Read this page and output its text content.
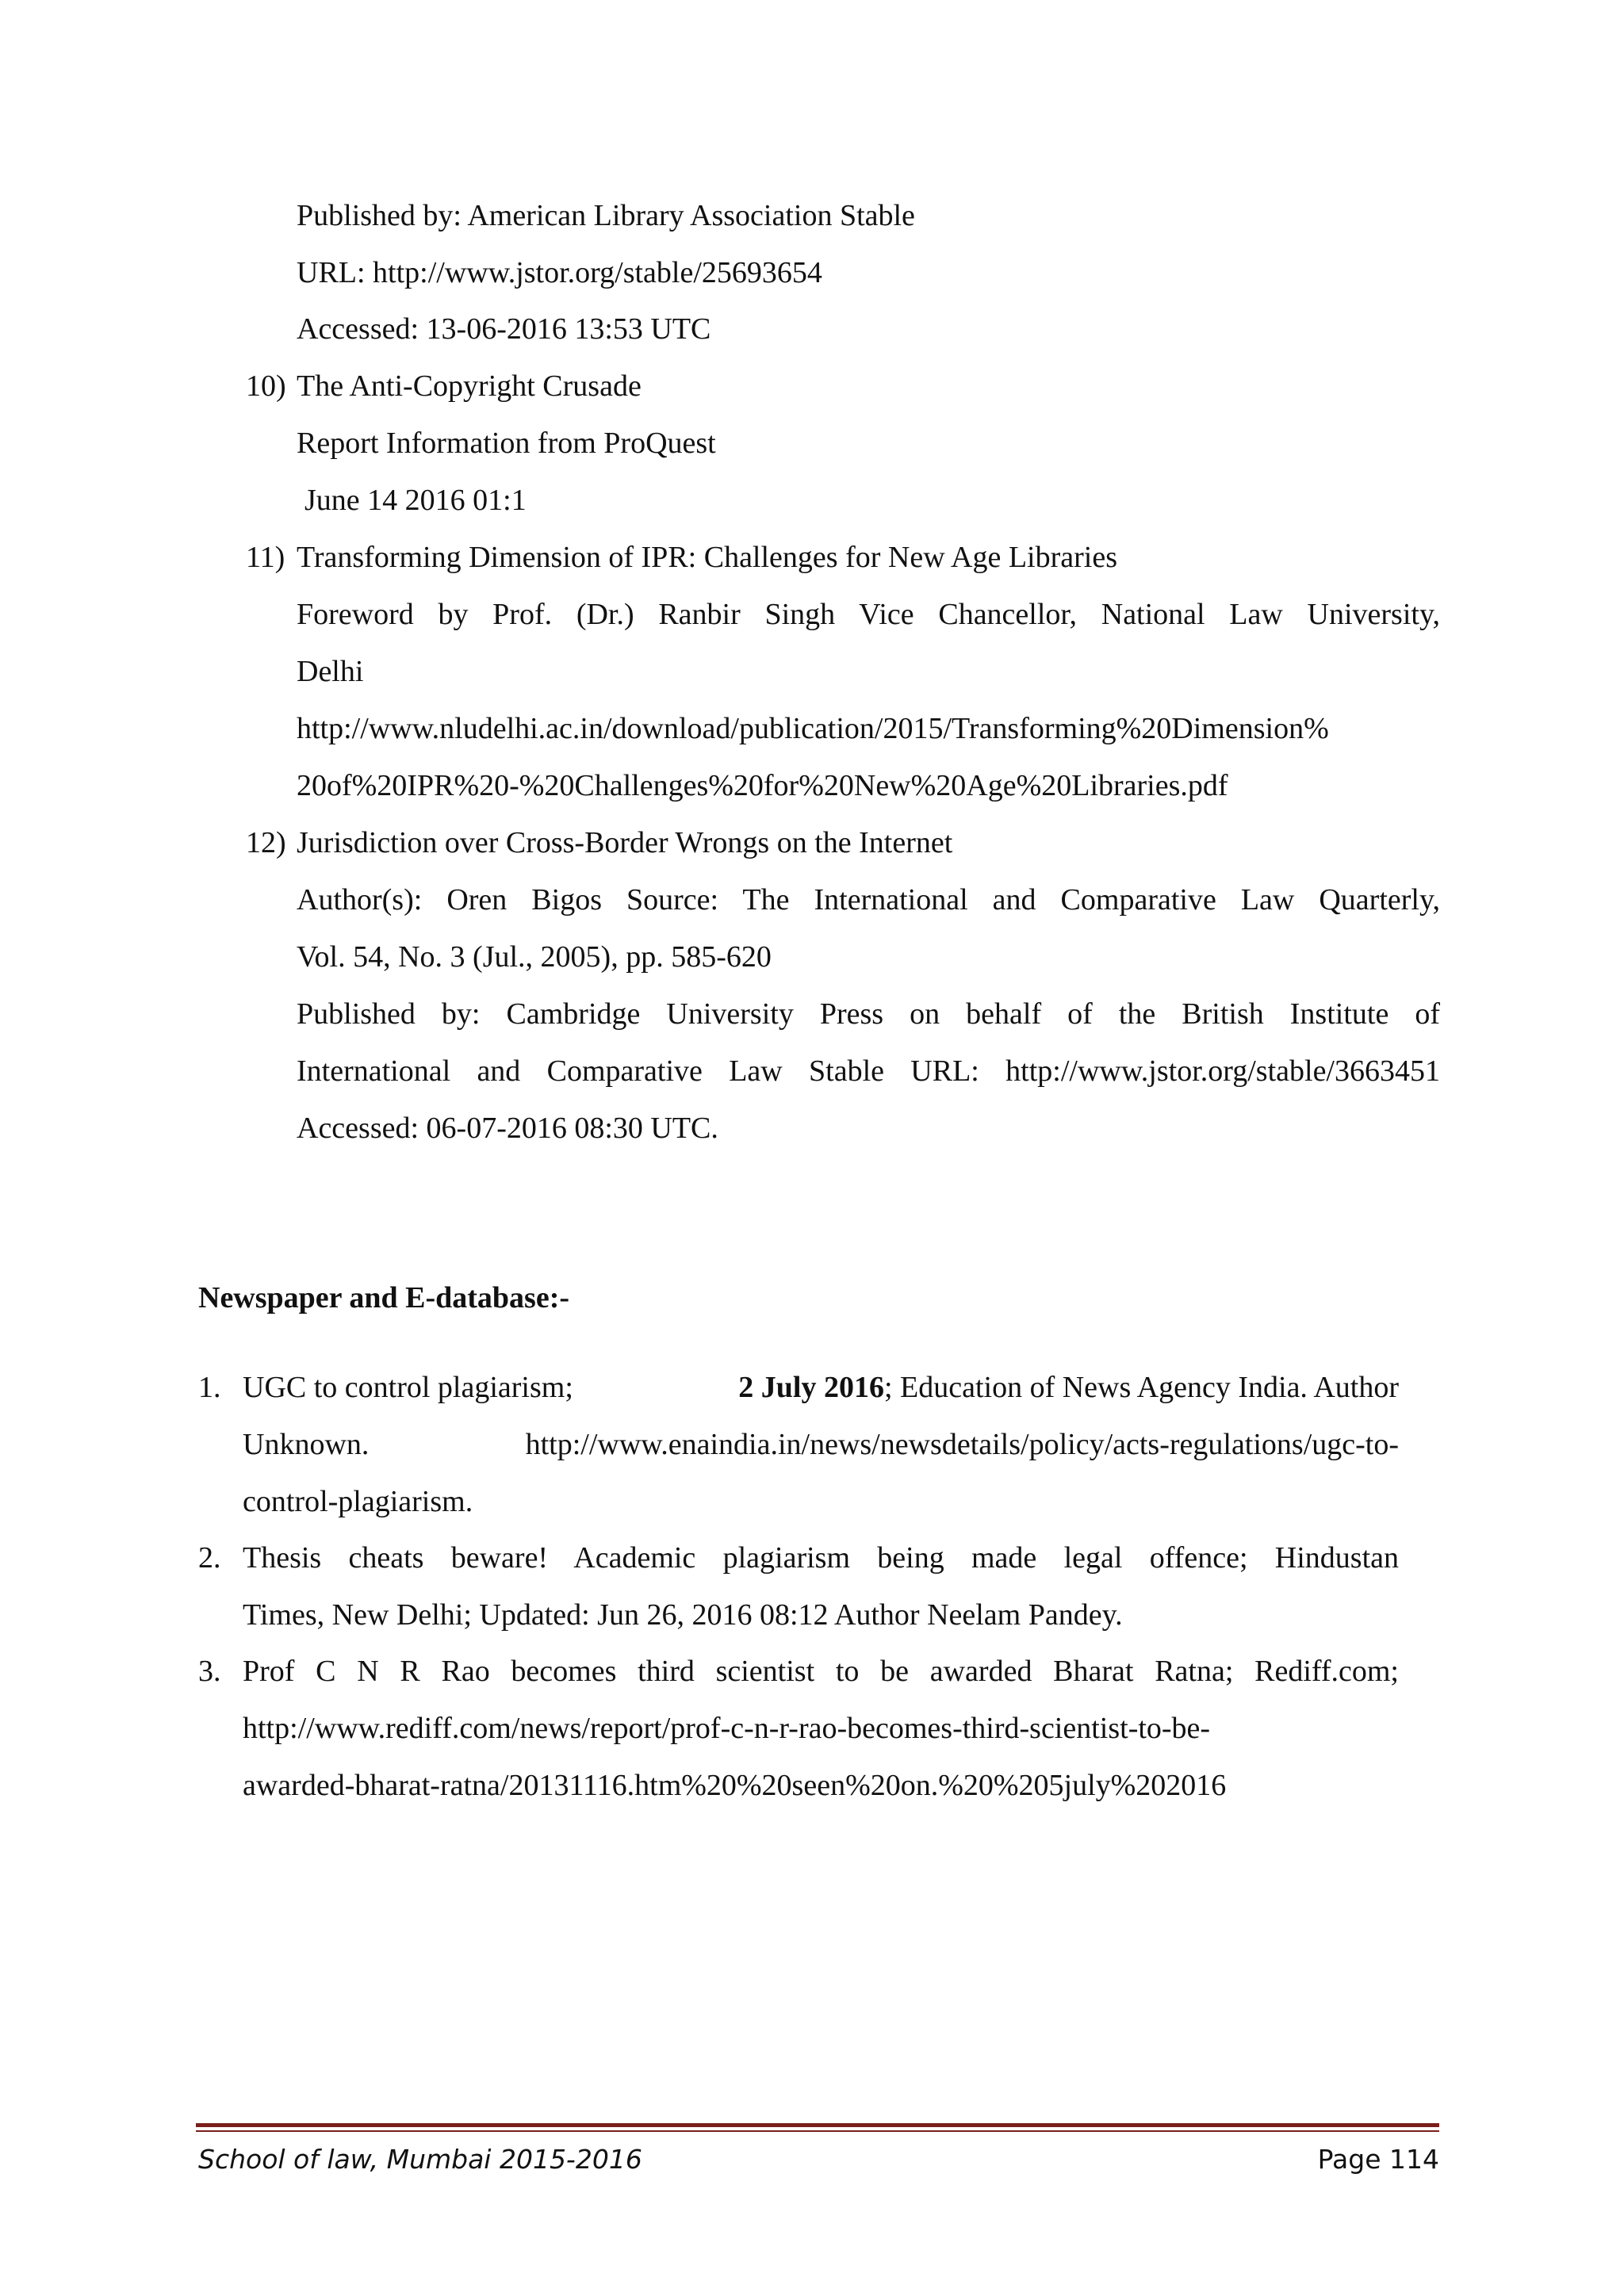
Published by: American Library Association Stable
URL: http://www.jstor.org/stable/25693654
Accessed: 13-06-2016 13:53 UTC
10) The Anti-Copyright Crusade
Report Information from ProQuest
June 14 2016 01:1
11) Transforming Dimension of IPR: Challenges for New Age Libraries
Foreword by Prof. (Dr.) Ranbir Singh Vice Chancellor, National Law University,
Delhi
http://www.nludelhi.ac.in/download/publication/2015/Transforming%20Dimension%
20of%20IPR%20-%20Challenges%20for%20New%20Age%20Libraries.pdf
12) Jurisdiction over Cross-Border Wrongs on the Internet
Author(s): Oren Bigos Source: The International and Comparative Law Quarterly,
Vol. 54, No. 3 (Jul., 2005), pp. 585-620
Published by: Cambridge University Press on behalf of the British Institute of
International and Comparative Law Stable URL: http://www.jstor.org/stable/3663451
Accessed: 06-07-2016 08:30 UTC.
Newspaper and E-database:-
1. UGC to control plagiarism;	2 July 2016; Education of News Agency India. Author
Unknown.	http://www.enaindia.in/news/newsdetails/policy/acts-regulations/ugc-to-
control-plagiarism.
2. Thesis cheats beware! Academic plagiarism being made legal offence; Hindustan
Times, New Delhi; Updated: Jun 26, 2016 08:12 Author Neelam Pandey.
3. Prof C N R Rao becomes third scientist to be awarded Bharat Ratna; Rediff.com;
http://www.rediff.com/news/report/prof-c-n-r-rao-becomes-third-scientist-to-be-
awarded-bharat-ratna/20131116.htm%20%20seen%20on.%20%205july%202016
School of law, Mumbai 2015-2016	Page 114
